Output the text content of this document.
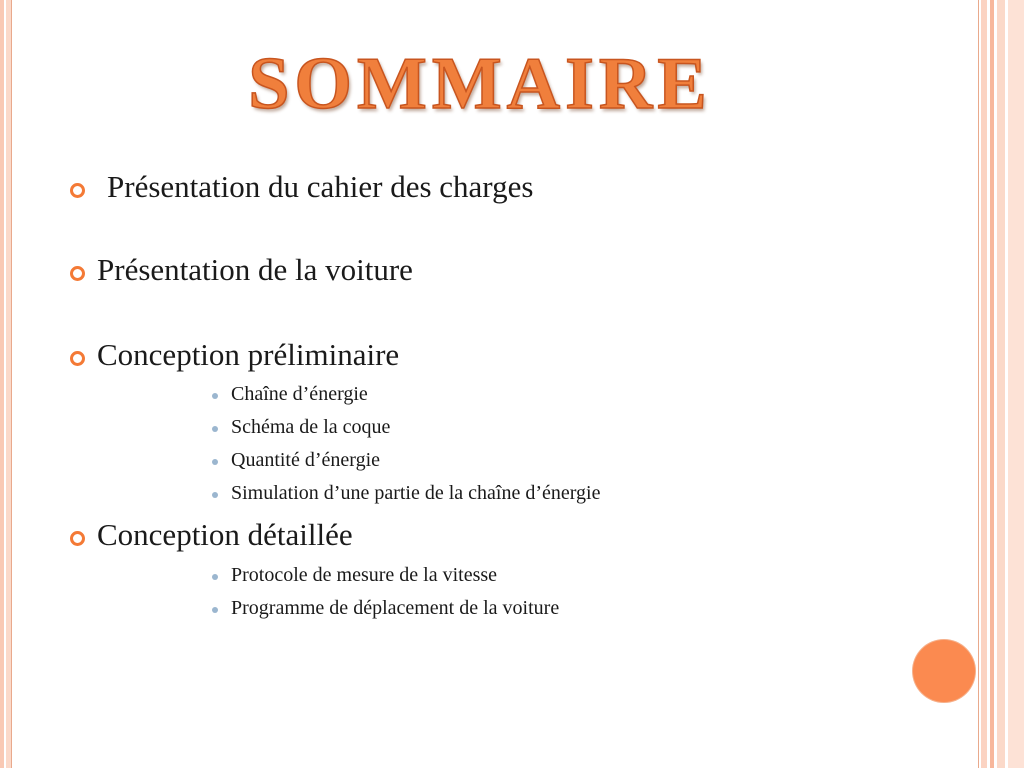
SOMMAIRE
Présentation du cahier des charges
Présentation de la voiture
Conception préliminaire
Chaîne d’énergie
Schéma de la coque
Quantité d’énergie
Simulation d’une partie de la chaîne d’énergie
Conception détaillée
Protocole de mesure de la vitesse
Programme de déplacement de la voiture
